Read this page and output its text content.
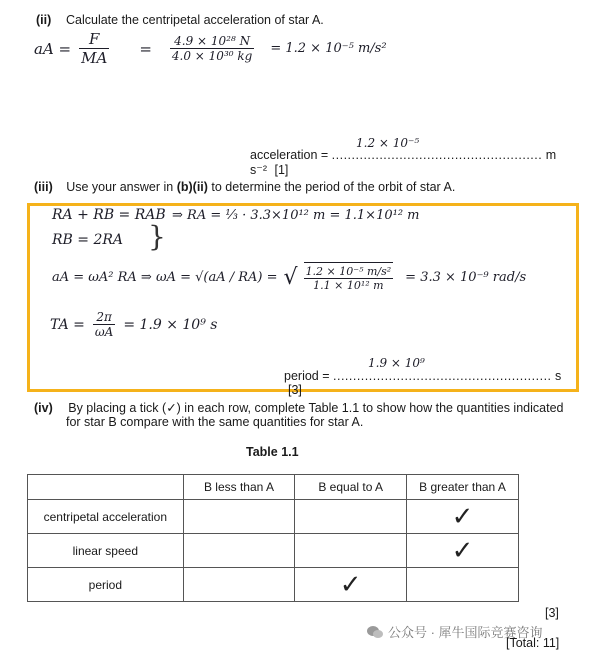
(ii) Calculate the centripetal acceleration of star A.
aA = $\frac{F}{MA} = \frac{\text{4.9 × 10²⁸ N}}{\text{4.0 × 10³⁰ kg}} = 1.2 \times 10^{-5}$ m/s²
acceleration = ..................................................... m s⁻² [1]
1.2 × 10⁻⁵
(iii) Use your answer in (b)(ii) to determine the period of the orbit of star A.
RA + RB = RAB
}
⇒ RA = ⅓ · 3.3×10¹² m = 1.1×10¹² m
RB = 2RA
aA = ωA² RA ⇒ ωA = √(aA / RA) = √ $\frac{\text{1.2 × 10⁻⁵ m/s²}}{\text{1.1 × 10¹² m}} = 3.3 \times 10^{-9}$ rad/s
TA = $\frac{2\pi}{\omega A} = 1.9 \times 10^9$ s
period = ....................................................... s [3]
1.9 × 10⁹
(iv) By placing a tick (✓) in each row, complete Table 1.1 to show how the quantities indicated
for star B compare with the same quantities for star A.
Table 1.1
	B less than A	B equal to A	B greater than A
centripetal acceleration			✓
linear speed			✓
period		✓	
[3]
公众号 · 犀牛国际竞赛咨询
[Total: 11]
